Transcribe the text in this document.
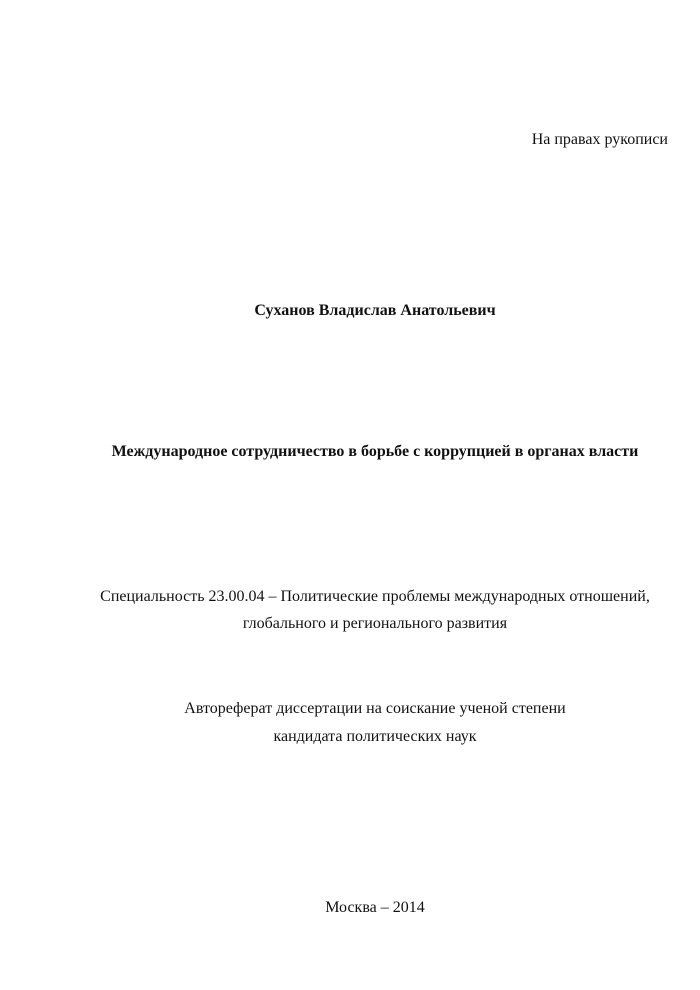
На правах рукописи
Суханов Владислав Анатольевич
Международное сотрудничество в борьбе с коррупцией в органах власти
Специальность 23.00.04 – Политические проблемы международных отношений,
глобального и регионального развития
Автореферат диссертации на соискание ученой степени
кандидата политических наук
Москва – 2014
